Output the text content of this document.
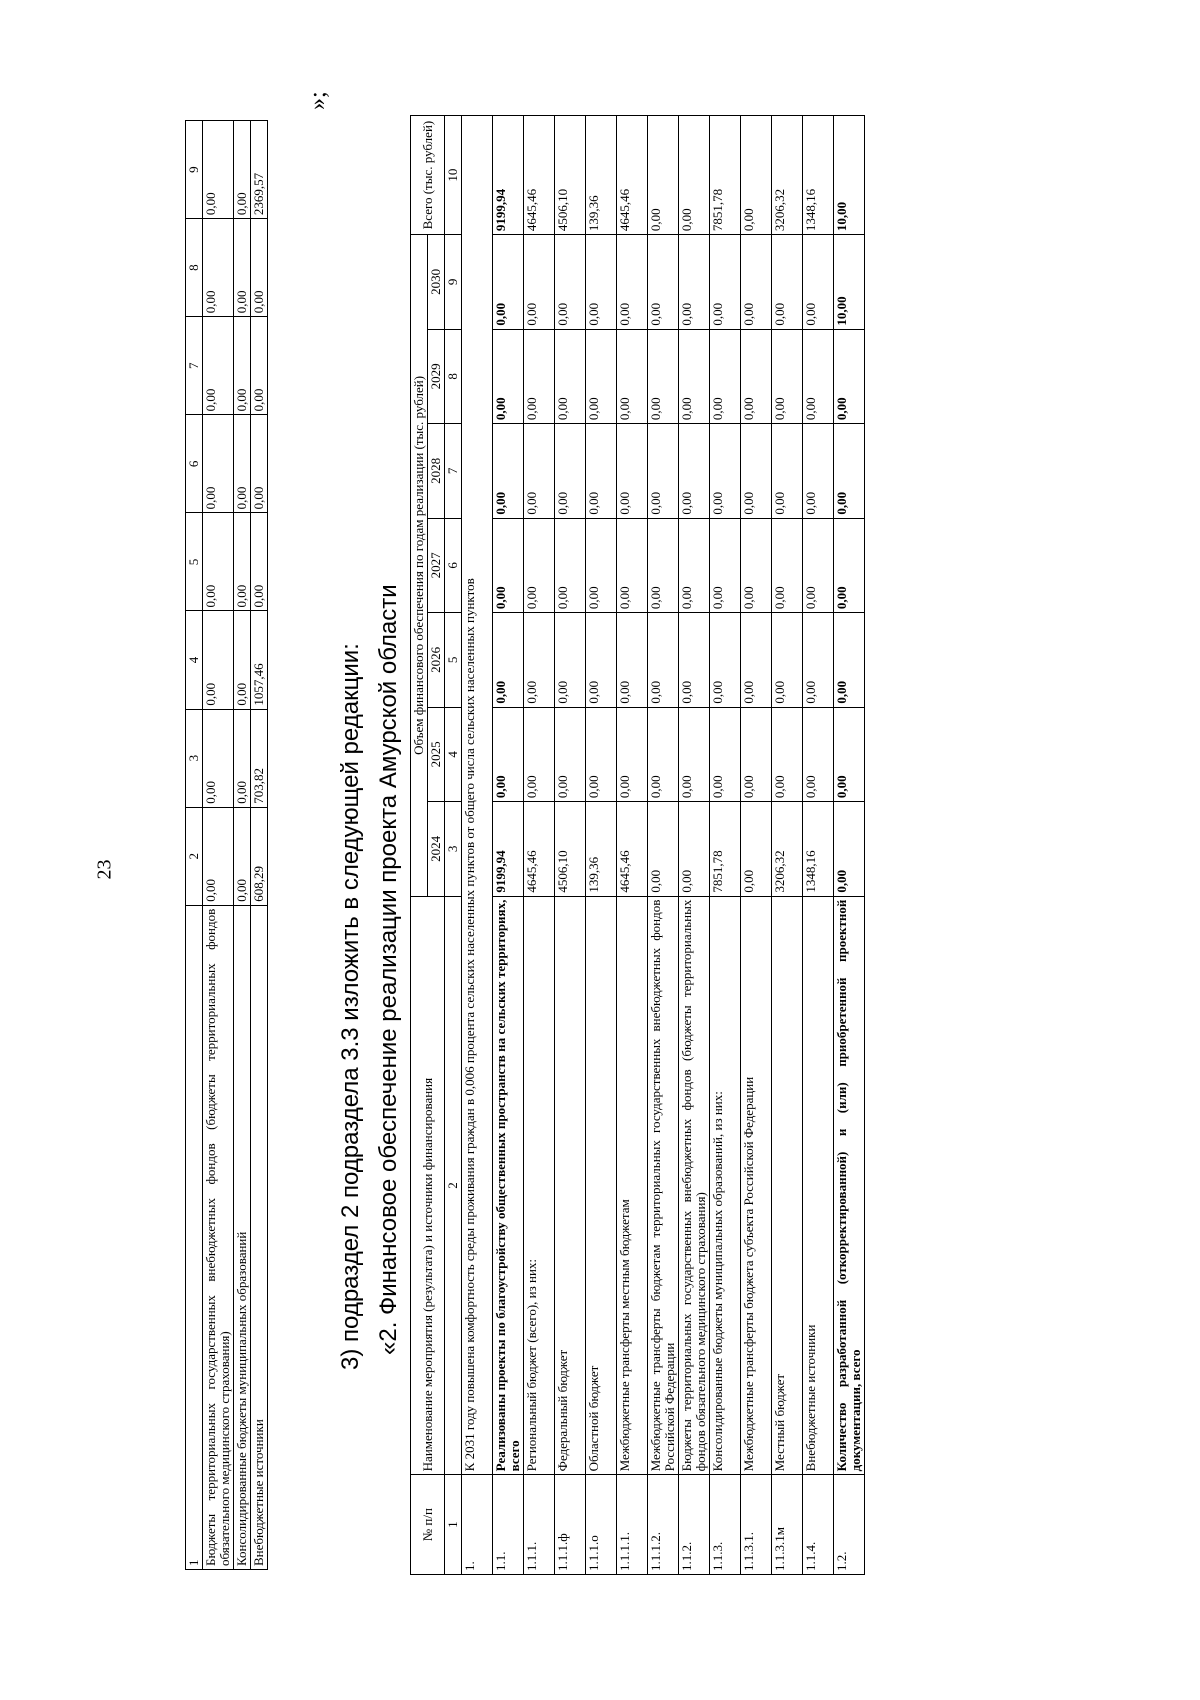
23
1	2	3	4	5	6	7	8	9
Бюджеты территориальных государственных внебюджетных фондов (бюджеты территориальных фондов обязательного медицинского страхования)	0,00	0,00	0,00	0,00	0,00	0,00	0,00	0,00
Консолидированные бюджеты муниципальных образований	0,00	0,00	0,00	0,00	0,00	0,00	0,00	0,00
Внебюджетные источники	608,29	703,82	1057,46	0,00	0,00	0,00	0,00	2369,57
»;
3) подраздел 2 подраздела 3.3 изложить в следующей редакции: «2. Финансовое обеспечение реализации проекта Амурской области
№ п/п	Наименование мероприятия (результата) и источники финансирования	Объем финансового обеспечения по годам реализации (тыс. рублей)							Всего (тыс. рублей)
		2024	2025	2026	2027	2028	2029	2030	
1	2	3	4	5	6	7	8	9	10
1.	К 2031 году повышена комфортность среды проживания граждан в 0,006 процента сельских населенных пунктов от общего числа сельских населенных пунктов								
1.1.	Реализованы проекты по благоустройству общественных пространств на сельских территориях, всего	9199,94	0,00	0,00	0,00	0,00	0,00	0,00	9199,94
1.1.1.	Региональный бюджет (всего), из них:	4645,46	0,00	0,00	0,00	0,00	0,00	0,00	4645,46
1.1.1.ф	Федеральный бюджет	4506,10	0,00	0,00	0,00	0,00	0,00	0,00	4506,10
1.1.1.о	Областной бюджет	139,36	0,00	0,00	0,00	0,00	0,00	0,00	139,36
1.1.1.1.	Межбюджетные трансферты местным бюджетам	4645,46	0,00	0,00	0,00	0,00	0,00	0,00	4645,46
1.1.1.2.	Межбюджетные трансферты бюджетам территориальных государственных внебюджетных фондов Российской Федерации	0,00	0,00	0,00	0,00	0,00	0,00	0,00	0,00
1.1.2.	Бюджеты территориальных государственных внебюджетных фондов (бюджеты территориальных фондов обязательного медицинского страхования)	0,00	0,00	0,00	0,00	0,00	0,00	0,00	0,00
1.1.3.	Консолидированные бюджеты муниципальных образований, из них:	7851,78	0,00	0,00	0,00	0,00	0,00	0,00	7851,78
1.1.3.1.	Межбюджетные трансферты бюджета субъекта Российской Федерации	0,00	0,00	0,00	0,00	0,00	0,00	0,00	0,00
1.1.3.1м	Местный бюджет	3206,32	0,00	0,00	0,00	0,00	0,00	0,00	3206,32
1.1.4.	Внебюджетные источники	1348,16	0,00	0,00	0,00	0,00	0,00	0,00	1348,16
1.2.	Количество разработанной (откорректированной) и (или) приобретенной проектной документации, всего	0,00	0,00	0,00	0,00	0,00	0,00	10,00	10,00
